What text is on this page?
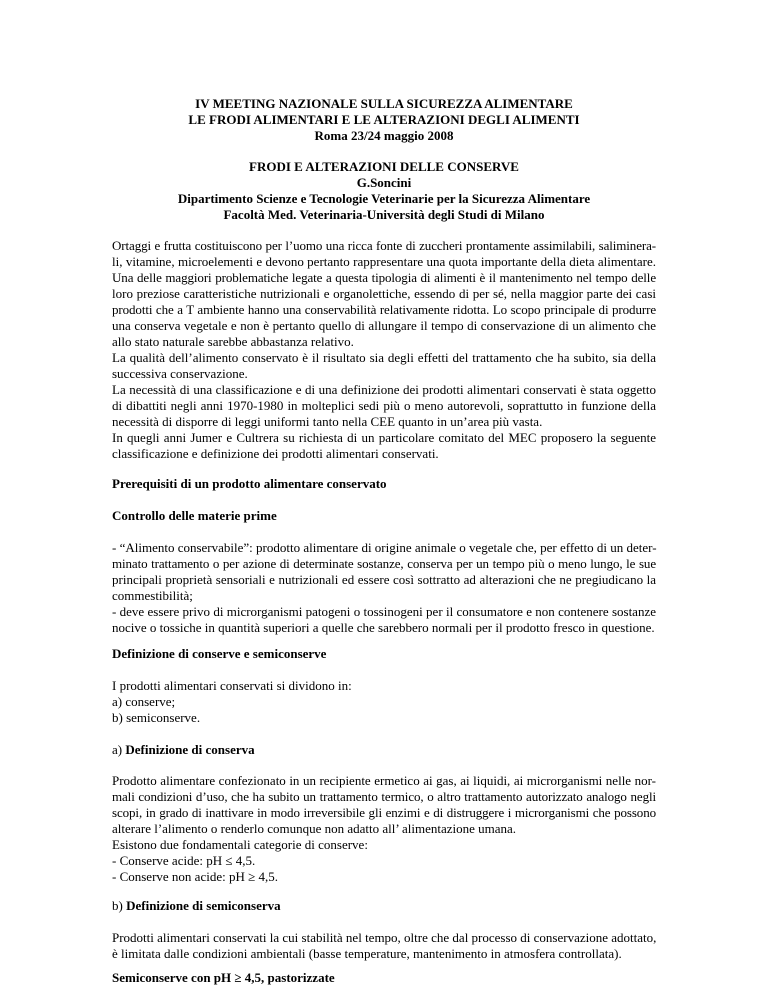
IV MEETING NAZIONALE SULLA SICUREZZA ALIMENTARE
LE FRODI ALIMENTARI E LE ALTERAZIONI DEGLI ALIMENTI
Roma 23/24 maggio 2008
FRODI E ALTERAZIONI DELLE CONSERVE
G.Soncini
Dipartimento Scienze e Tecnologie Veterinarie per la Sicurezza Alimentare
Facoltà Med. Veterinaria-Università degli Studi di Milano
Ortaggi e frutta costituiscono per l’uomo una ricca fonte di zuccheri prontamente assimilabili, saliminera-
li, vitamine, microelementi e devono pertanto rappresentare una quota importante della dieta alimentare.
Una delle maggiori problematiche legate a questa tipologia di alimenti è il mantenimento nel tempo delle
loro preziose caratteristiche nutrizionali e organolettiche, essendo di per sé, nella maggior parte dei casi
prodotti che a T ambiente hanno una conservabilità relativamente ridotta. Lo scopo principale di produrre
una conserva vegetale e non è pertanto quello di allungare il tempo di conservazione di un alimento che
allo stato naturale sarebbe abbastanza relativo.
La qualità dell’alimento conservato è il risultato sia degli effetti del trattamento che ha subito, sia della
successiva conservazione.
La necessità di una classificazione e di una definizione dei prodotti alimentari conservati è stata oggetto
di dibattiti negli anni 1970-1980 in molteplici sedi più o meno autorevoli, soprattutto in funzione della
necessità di disporre di leggi uniformi tanto nella CEE quanto in un’area più vasta.
In quegli anni Jumer e Cultrera su richiesta di un particolare comitato del MEC proposero la seguente
classificazione e definizione dei prodotti alimentari conservati.
Prerequisiti di un prodotto alimentare conservato
Controllo delle materie prime
- “Alimento conservabile”: prodotto alimentare di origine animale o vegetale che, per effetto di un deter-
minato trattamento o per azione di determinate sostanze, conserva per un tempo più o meno lungo, le sue
principali proprietà sensoriali e nutrizionali ed essere così sottratto ad alterazioni che ne pregiudicano la
commestibilità;
- deve essere privo di microrganismi patogeni o tossinogeni per il consumatore e non contenere sostanze
nocive o tossiche in quantità superiori a quelle che sarebbero normali per il prodotto fresco in questione.
Definizione di conserve e semiconserve
I prodotti alimentari conservati si dividono in:
a) conserve;
b) semiconserve.
a) Definizione di conserva
Prodotto alimentare confezionato in un recipiente ermetico ai gas, ai liquidi, ai microrganismi nelle nor-
mali condizioni d’uso, che ha subito un trattamento termico, o altro trattamento autorizzato analogo negli
scopi, in grado di inattivare in modo irreversibile gli enzimi e di distruggere i microrganismi che possono
alterare l’alimento o renderlo comunque non adatto all’ alimentazione umana.
Esistono due fondamentali categorie di conserve:
- Conserve acide: pH ≤ 4,5.
- Conserve non acide: pH ≥ 4,5.
b) Definizione di semiconserva
Prodotti alimentari conservati la cui stabilità nel tempo, oltre che dal processo di conservazione adottato,
è limitata dalle condizioni ambientali (basse temperature, mantenimento in atmosfera controllata).
Semiconserve con pH ≥ 4,5, pastorizzate
